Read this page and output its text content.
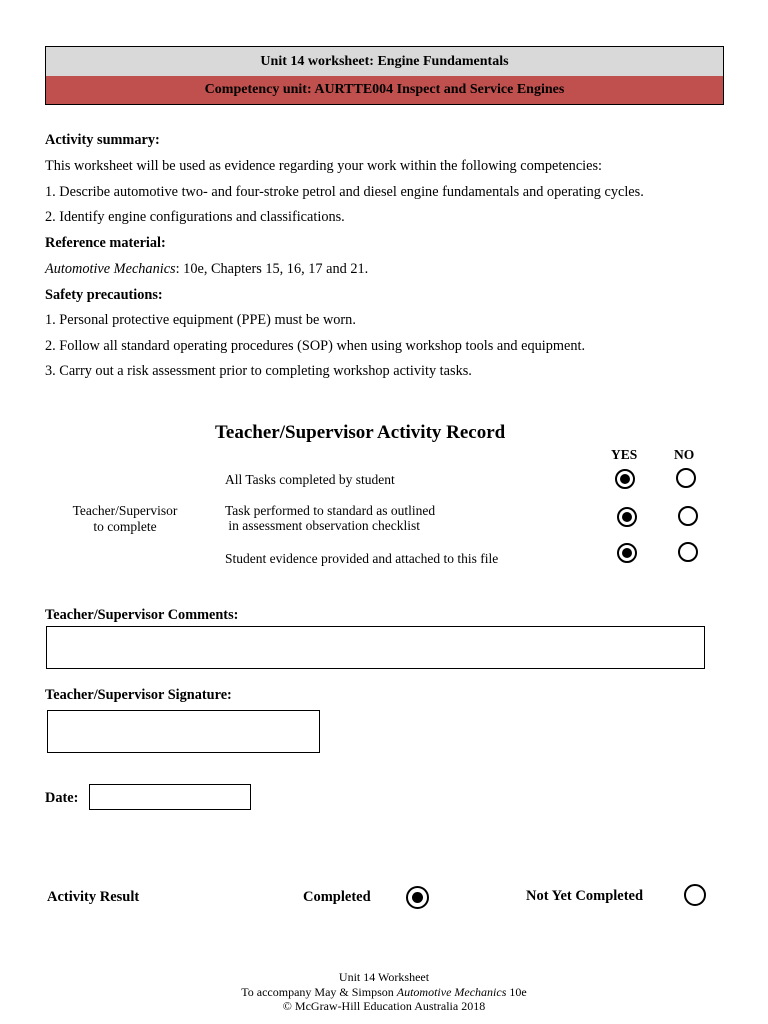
Unit 14 worksheet: Engine Fundamentals
Competency unit: AURTTE004 Inspect and Service Engines
Activity summary:
This worksheet will be used as evidence regarding your work within the following competencies:
1. Describe automotive two- and four-stroke petrol and diesel engine fundamentals and operating cycles.
2. Identify engine configurations and classifications.
Reference material:
Automotive Mechanics: 10e, Chapters 15, 16, 17 and 21.
Safety precautions:
1. Personal protective equipment (PPE) must be worn.
2. Follow all standard operating procedures (SOP) when using workshop tools and equipment.
3. Carry out a risk assessment prior to completing workshop activity tasks.
Teacher/Supervisor Activity Record
YES	NO
Teacher/Supervisor
to complete
All Tasks completed by student
Task performed to standard as outlined
in assessment observation checklist
Student evidence provided and attached to this file
Teacher/Supervisor Comments:
Teacher/Supervisor Signature:
Date:
Activity Result	Completed	Not Yet Completed
Unit 14 Worksheet
To accompany May & Simpson Automotive Mechanics 10e
© McGraw-Hill Education Australia 2018
